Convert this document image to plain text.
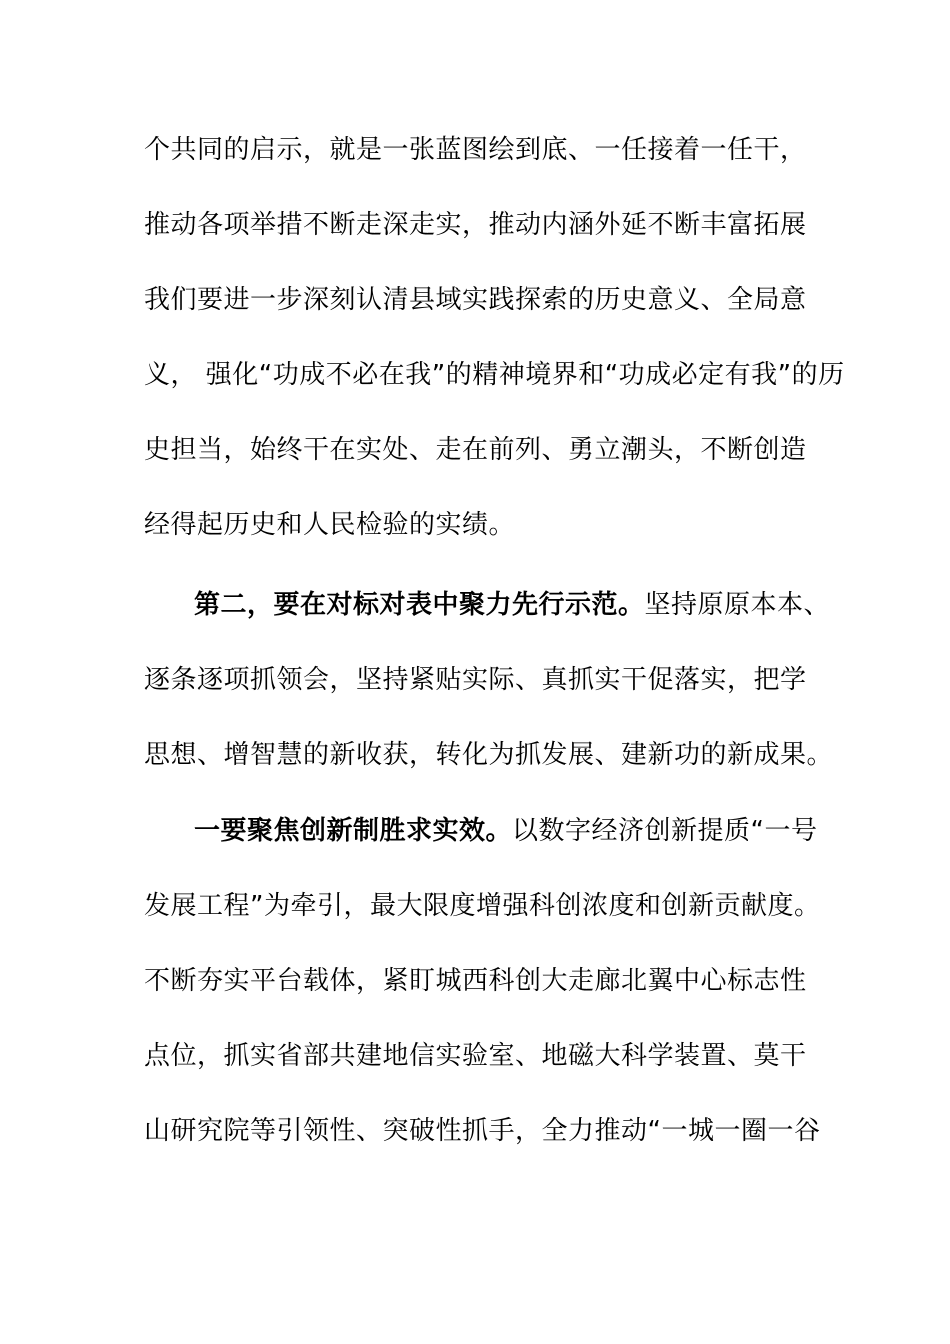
个共同的启示，就是一张蓝图绘到底、一任接着一任干，
推动各项举措不断走深走实，推动内涵外延不断丰富拓展
我们要进一步深刻认清县域实践探索的历史意义、全局意
义， 强化“功成不必在我”的精神境界和“功成必定有我”的历
史担当，始终干在实处、走在前列、勇立潮头，不断创造
经得起历史和人民检验的实绩。
第二，要在对标对表中聚力先行示范。坚持原原本本、
逐条逐项抓领会，坚持紧贴实际、真抓实干促落实，把学
思想、增智慧的新收获，转化为抓发展、建新功的新成果。
一要聚焦创新制胜求实效。以数字经济创新提质“一号
发展工程”为牵引，最大限度增强科创浓度和创新贡献度。
不断夯实平台载体，紧盯城西科创大走廊北翼中心标志性
点位，抓实省部共建地信实验室、地磁大科学装置、莫干
山研究院等引领性、突破性抓手，全力推动“一城一圈一谷
